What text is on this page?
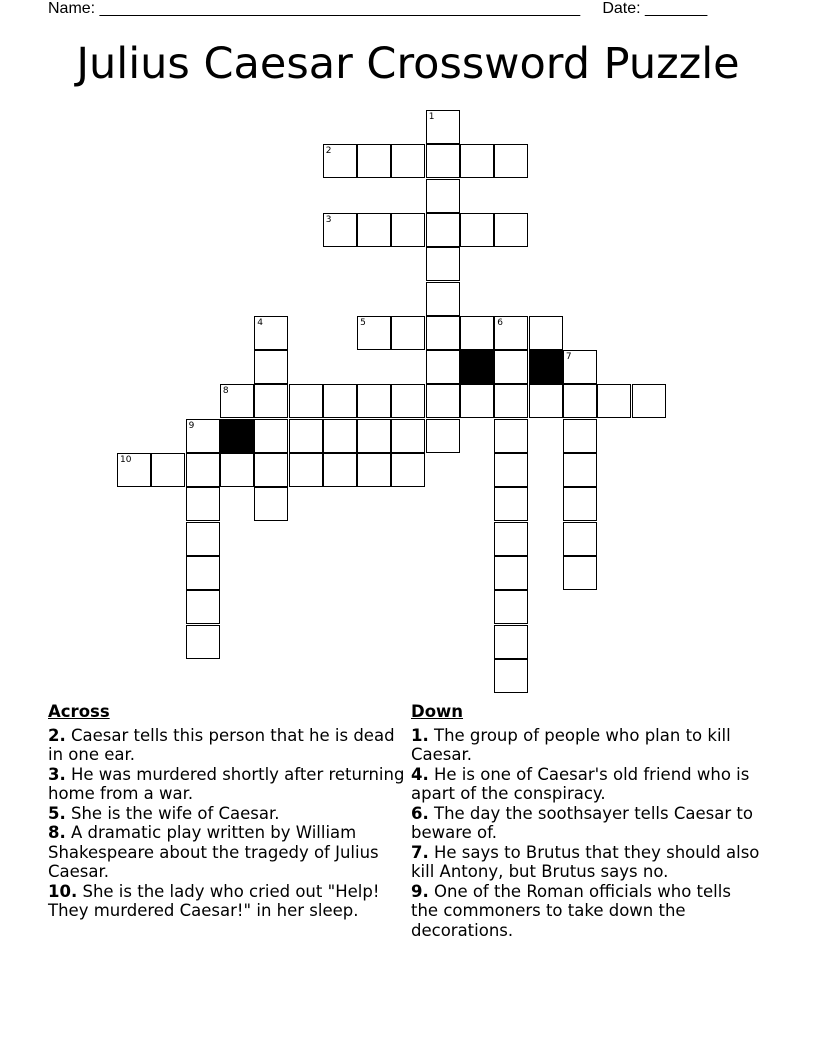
Name: ______________________________________________________     Date: _______
Julius Caesar Crossword Puzzle
1
2
3
4	5	6
7
8
9
10
Across
2. Caesar tells this person that he is dead in one ear.
3. He was murdered shortly after returning home from a war.
5. She is the wife of Caesar.
8. A dramatic play written by William Shakespeare about the tragedy of Julius Caesar.
10. She is the lady who cried out "Help! They murdered Caesar!" in her sleep.
Down
1. The group of people who plan to kill Caesar.
4. He is one of Caesar's old friend who is apart of the conspiracy.
6. The day the soothsayer tells Caesar to beware of.
7. He says to Brutus that they should also kill Antony, but Brutus says no.
9. One of the Roman officials who tells the commoners to take down the decorations.
